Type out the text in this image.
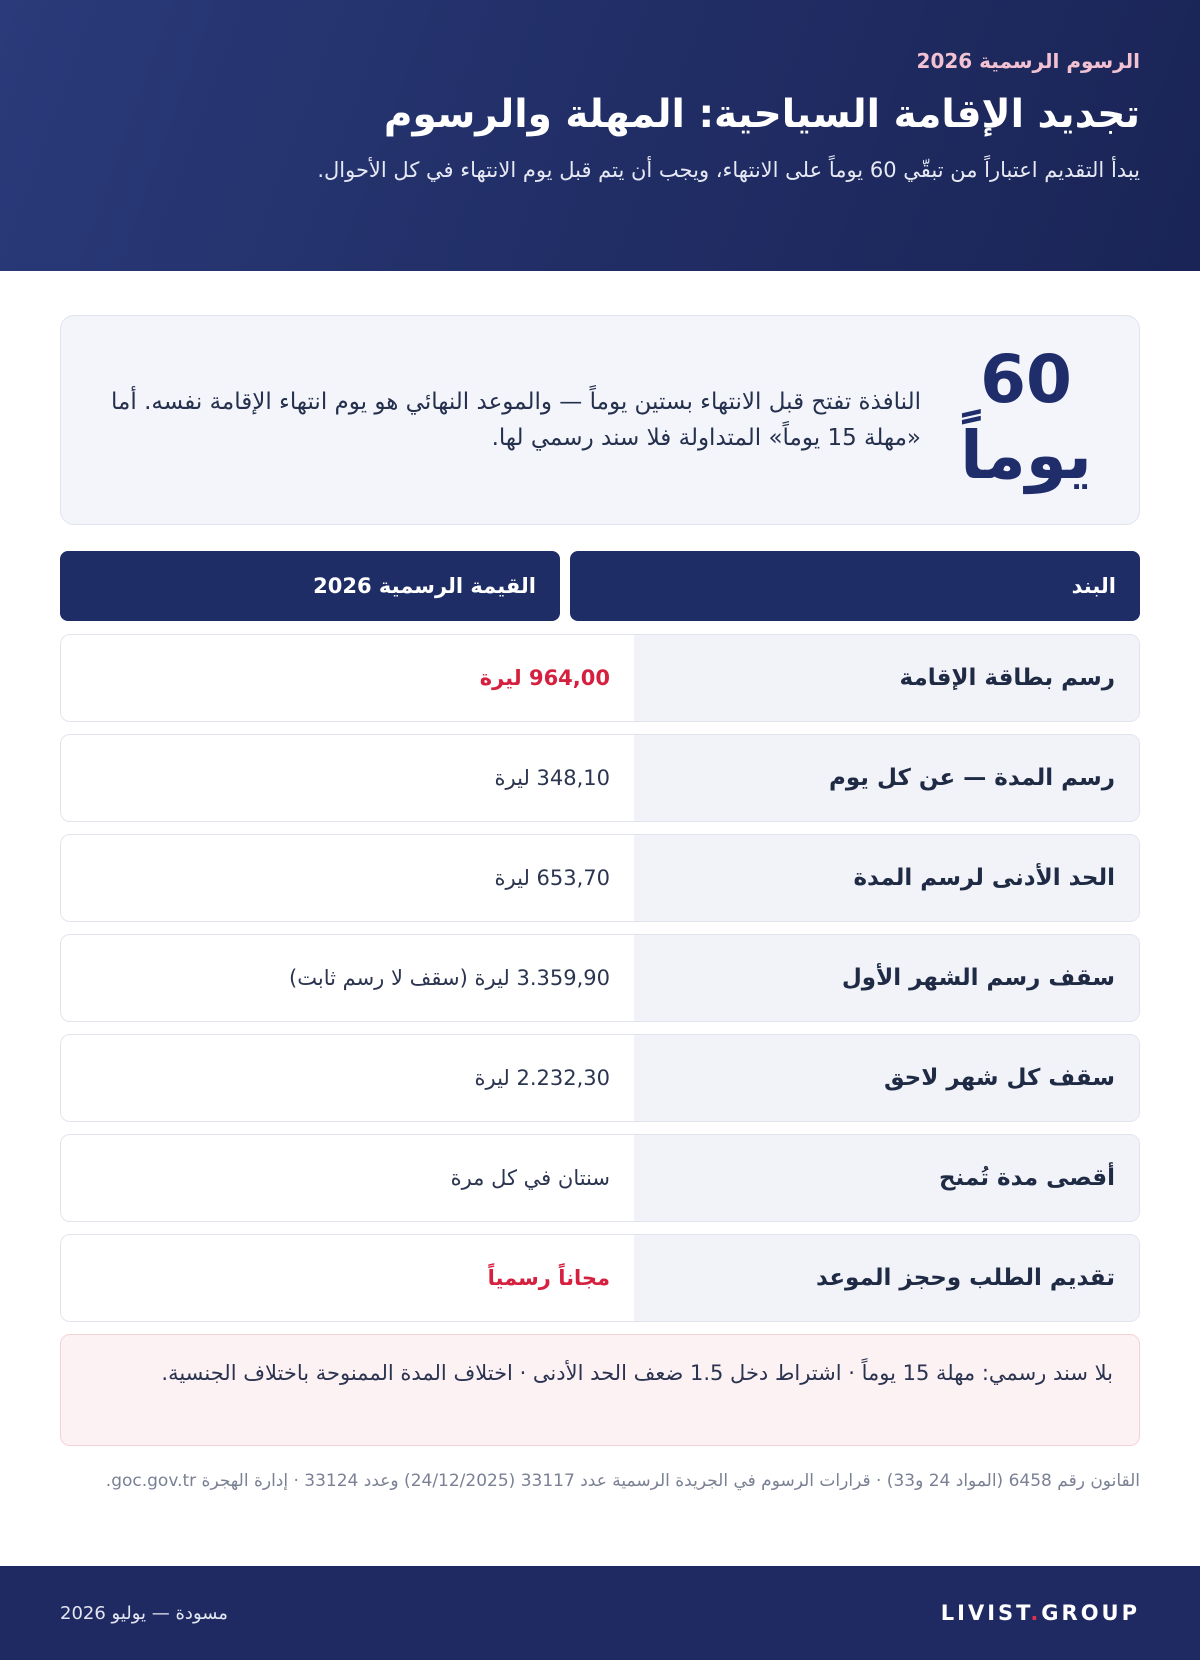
الرسوم الرسمية 2026
تجديد الإقامة السياحية: المهلة والرسوم

يبدأ التقديم اعتباراً من تبقّي 60 يوماً على الانتهاء، ويجب أن يتم قبل يوم الانتهاء في كل الأحوال.

60
يوماً

النافذة تفتح قبل الانتهاء بستين يوماً — والموعد النهائي هو يوم انتهاء الإقامة نفسه. أما «مهلة 15 يوماً» المتداولة فلا سند رسمي لها.

البند
القيمة الرسمية 2026
رسم بطاقة الإقامة
964,00 ليرة
رسم المدة — عن كل يوم
348,10 ليرة
الحد الأدنى لرسم المدة
653,70 ليرة
سقف رسم الشهر الأول
3.359,90 ليرة (سقف لا رسم ثابت)
سقف كل شهر لاحق
2.232,30 ليرة
أقصى مدة تُمنح
سنتان في كل مرة
تقديم الطلب وحجز الموعد
مجاناً رسمياً
بلا سند رسمي: مهلة 15 يوماً · اشتراط دخل 1.5 ضعف الحد الأدنى · اختلاف المدة الممنوحة باختلاف الجنسية.

القانون رقم 6458 (المواد 24 و33) · قرارات الرسوم في الجريدة الرسمية عدد 33117 (24/12/2025) وعدد 33124 · إدارة الهجرة goc.gov.tr.

LIVIST.GROUP
مسودة — يوليو 2026
